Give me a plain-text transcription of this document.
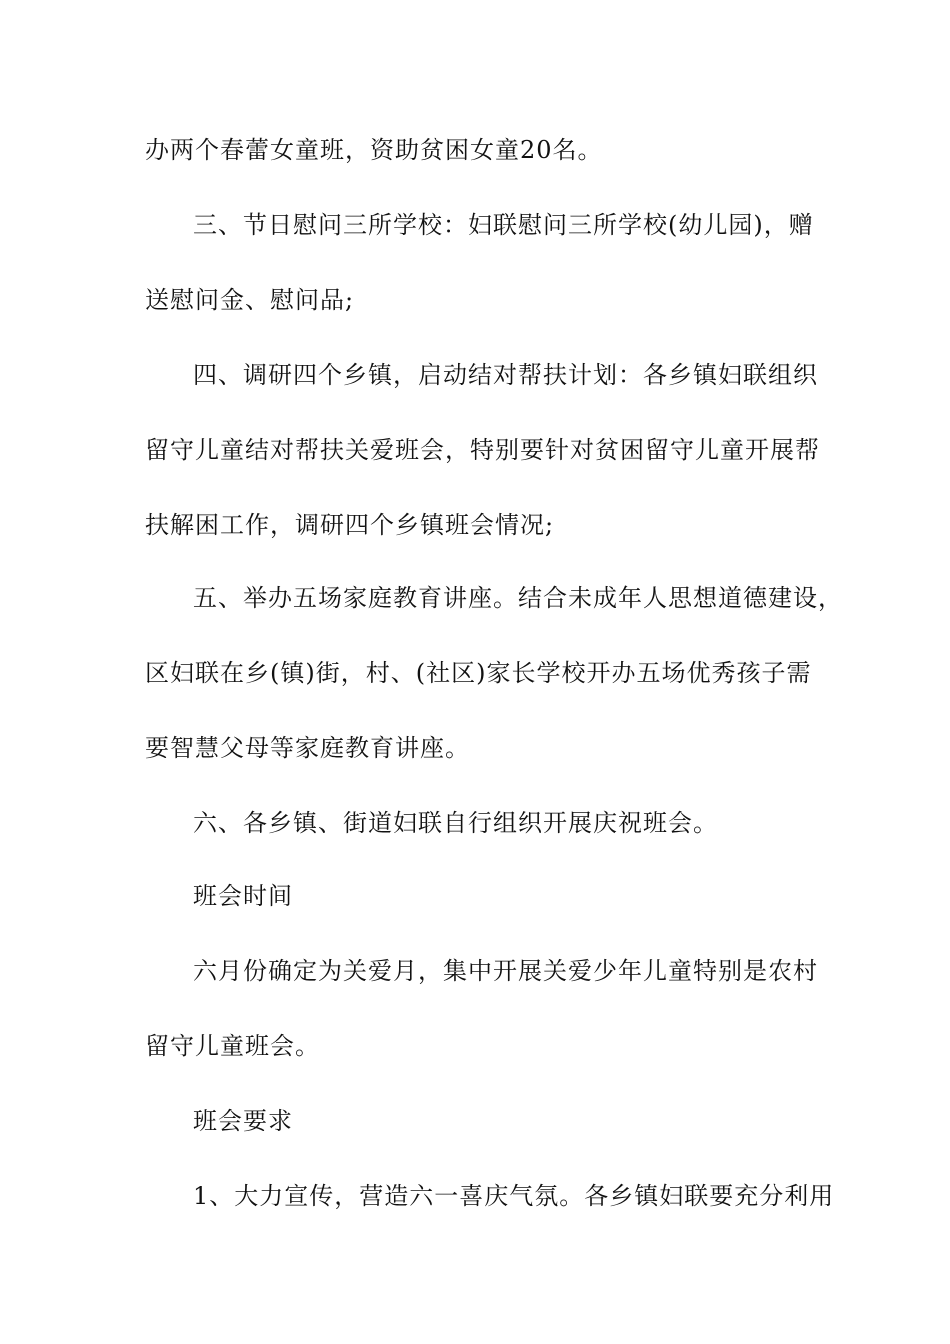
办两个春蕾女童班，资助贫困女童20名。
三、节日慰问三所学校：妇联慰问三所学校(幼儿园)，赠
送慰问金、慰问品;
四、调研四个乡镇，启动结对帮扶计划：各乡镇妇联组织
留守儿童结对帮扶关爱班会，特别要针对贫困留守儿童开展帮
扶解困工作，调研四个乡镇班会情况;
五、举办五场家庭教育讲座。结合未成年人思想道德建设，
区妇联在乡(镇)街，村、(社区)家长学校开办五场优秀孩子需
要智慧父母等家庭教育讲座。
六、各乡镇、街道妇联自行组织开展庆祝班会。
班会时间
六月份确定为关爱月，集中开展关爱少年儿童特别是农村
留守儿童班会。
班会要求
1、大力宣传，营造六一喜庆气氛。各乡镇妇联要充分利用
